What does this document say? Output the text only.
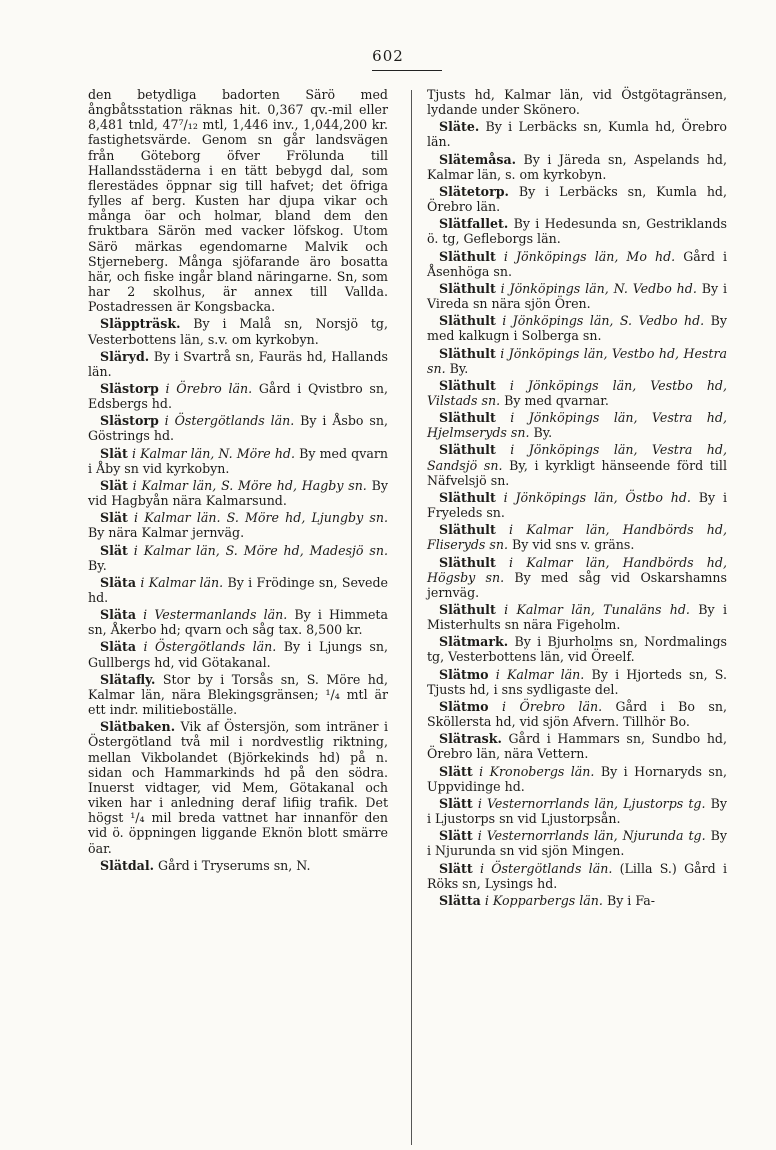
602

den betydliga badorten Särö med ångbåtsstation räknas hit. 0,367 qv.-mil eller 8,481 tnld, 47⁷/₁₂ mtl, 1,446 inv., 1,044,200 kr. fastighetsvärde. Genom sn går landsvägen från Göteborg öfver Frölunda till Hallandsstäderna i en tätt bebygd dal, som flerestädes öppnar sig till hafvet; det öfriga fylles af berg. Kusten har djupa vikar och många öar och holmar, bland dem den fruktbara Särön med vacker löfskog. Utom Särö märkas egendomarne Malvik och Stjerneberg. Många sjöfarande äro bosatta här, och fiske ingår bland näringarne. Sn, som har 2 skolhus, är annex till Vallda. Postadressen är Kongsbacka.

Släppträsk. By i Malå sn, Norsjö tg, Vesterbottens län, s.v. om kyrkobyn.

Släryd. By i Svartrå sn, Fauräs hd, Hallands län.

Slästorp i Örebro län. Gård i Qvistbro sn, Edsbergs hd.

Slästorp i Östergötlands län. By i Åsbo sn, Göstrings hd.

Slät i Kalmar län, N. Möre hd. By med qvarn i Åby sn vid kyrkobyn.

Slät i Kalmar län, S. Möre hd, Hagby sn. By vid Hagbyån nära Kalmarsund.

Slät i Kalmar län. S. Möre hd, Ljungby sn. By nära Kalmar jernväg.

Slät i Kalmar län, S. Möre hd, Madesjö sn. By.

Släta i Kalmar län. By i Frödinge sn, Sevede hd.

Släta i Vestermanlands län. By i Himmeta sn, Åkerbo hd; qvarn och såg tax. 8,500 kr.

Släta i Östergötlands län. By i Ljungs sn, Gullbergs hd, vid Götakanal.

Slätafly. Stor by i Torsås sn, S. Möre hd, Kalmar län, nära Blekingsgränsen; ¹/₄ mtl är ett indr. militieboställe.

Slätbaken. Vik af Östersjön, som inträner i Östergötland två mil i nordvestlig riktning, mellan Vikbolandet (Björkekinds hd) på n. sidan och Hammarkinds hd på den södra. Inuerst vidtager, vid Mem, Götakanal och viken har i anledning deraf lifiig trafik. Det högst ¹/₄ mil breda vattnet har innanför den vid ö. öppningen liggande Eknön blott smärre öar.

Slätdal. Gård i Tryserums sn, N.

Tjusts hd, Kalmar län, vid Östgötagränsen, lydande under Skönero.

Släte. By i Lerbäcks sn, Kumla hd, Örebro län.

Slätemåsa. By i Järeda sn, Aspelands hd, Kalmar län, s. om kyrkobyn.

Slätetorp. By i Lerbäcks sn, Kumla hd, Örebro län.

Slätfallet. By i Hedesunda sn, Gestriklands ö. tg, Gefleborgs län.

Släthult i Jönköpings län, Mo hd. Gård i Åsenhöga sn.

Släthult i Jönköpings län, N. Vedbo hd. By i Vireda sn nära sjön Ören.

Släthult i Jönköpings län, S. Vedbo hd. By med kalkugn i Solberga sn.

Släthult i Jönköpings län, Vestbo hd, Hestra sn. By.

Släthult i Jönköpings län, Vestbo hd, Vilstads sn. By med qvarnar.

Släthult i Jönköpings län, Vestra hd, Hjelmseryds sn. By.

Släthult i Jönköpings län, Vestra hd, Sandsjö sn. By, i kyrkligt hänseende förd till Näfvelsjö sn.

Släthult i Jönköpings län, Östbo hd. By i Fryeleds sn.

Släthult i Kalmar län, Handbörds hd, Fliseryds sn. By vid sns v. gräns.

Släthult i Kalmar län, Handbörds hd, Högsby sn. By med såg vid Oskarshamns jernväg.

Släthult i Kalmar län, Tunaläns hd. By i Misterhults sn nära Figeholm.

Slätmark. By i Bjurholms sn, Nordmalings tg, Vesterbottens län, vid Öreelf.

Slätmo i Kalmar län. By i Hjorteds sn, S. Tjusts hd, i sns sydligaste del.

Slätmo i Örebro län. Gård i Bo sn, Sköllersta hd, vid sjön Afvern. Tillhör Bo.

Slätrask. Gård i Hammars sn, Sundbo hd, Örebro län, nära Vettern.

Slätt i Kronobergs län. By i Hornaryds sn, Uppvidinge hd.

Slätt i Vesternorrlands län, Ljustorps tg. By i Ljustorps sn vid Ljustorpsån.

Slätt i Vesternorrlands län, Njurunda tg. By i Njurunda sn vid sjön Mingen.

Slätt i Östergötlands län. (Lilla S.) Gård i Röks sn, Lysings hd.

Slätta i Kopparbergs län. By i Fa-
